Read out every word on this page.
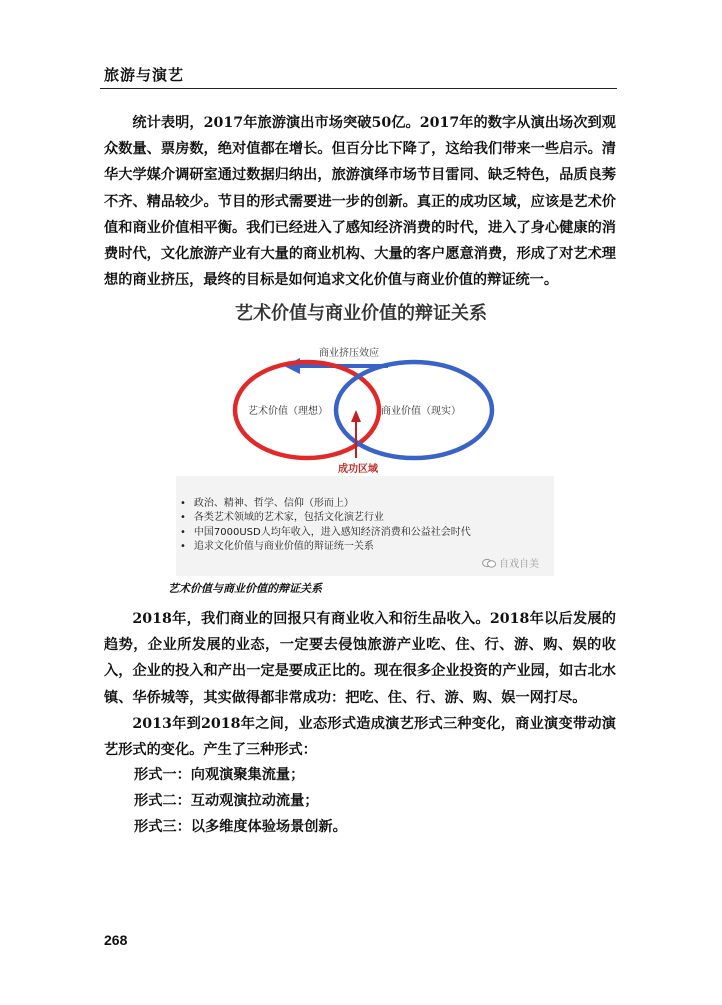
旅游与演艺

统计表明，2017年旅游演出市场突破50亿。2017年的数字从演出场次到观众数量、票房数，绝对值都在增长。但百分比下降了，这给我们带来一些启示。清华大学媒介调研室通过数据归纳出，旅游演绎市场节目雷同、缺乏特色，品质良莠不齐、精品较少。节目的形式需要进一步的创新。真正的成功区域，应该是艺术价值和商业价值相平衡。我们已经进入了感知经济消费的时代，进入了身心健康的消费时代，文化旅游产业有大量的商业机构、大量的客户愿意消费，形成了对艺术理想的商业挤压，最终的目标是如何追求文化价值与商业价值的辩证统一。

艺术价值与商业价值的辩证关系
商业挤压效应
艺术价值（理想）	商业价值（现实）
成功区域
• 政治、精神、哲学、信仰（形而上）
• 各类艺术领域的艺术家，包括文化演艺行业
• 中国7000USD人均年收入，进入感知经济消费和公益社会时代
• 追求文化价值与商业价值的辩证统一关系
自戏自美
艺术价值与商业价值的辩证关系

2018年，我们商业的回报只有商业收入和衍生品收入。2018年以后发展的趋势，企业所发展的业态，一定要去侵蚀旅游产业吃、住、行、游、购、娱的收入，企业的投入和产出一定是要成正比的。现在很多企业投资的产业园，如古北水镇、华侨城等，其实做得都非常成功：把吃、住、行、游、购、娱一网打尽。

2013年到2018年之间，业态形式造成演艺形式三种变化，商业演变带动演艺形式的变化。产生了三种形式：

形式一：向观演聚集流量；

形式二：互动观演拉动流量；

形式三：以多维度体验场景创新。

268
